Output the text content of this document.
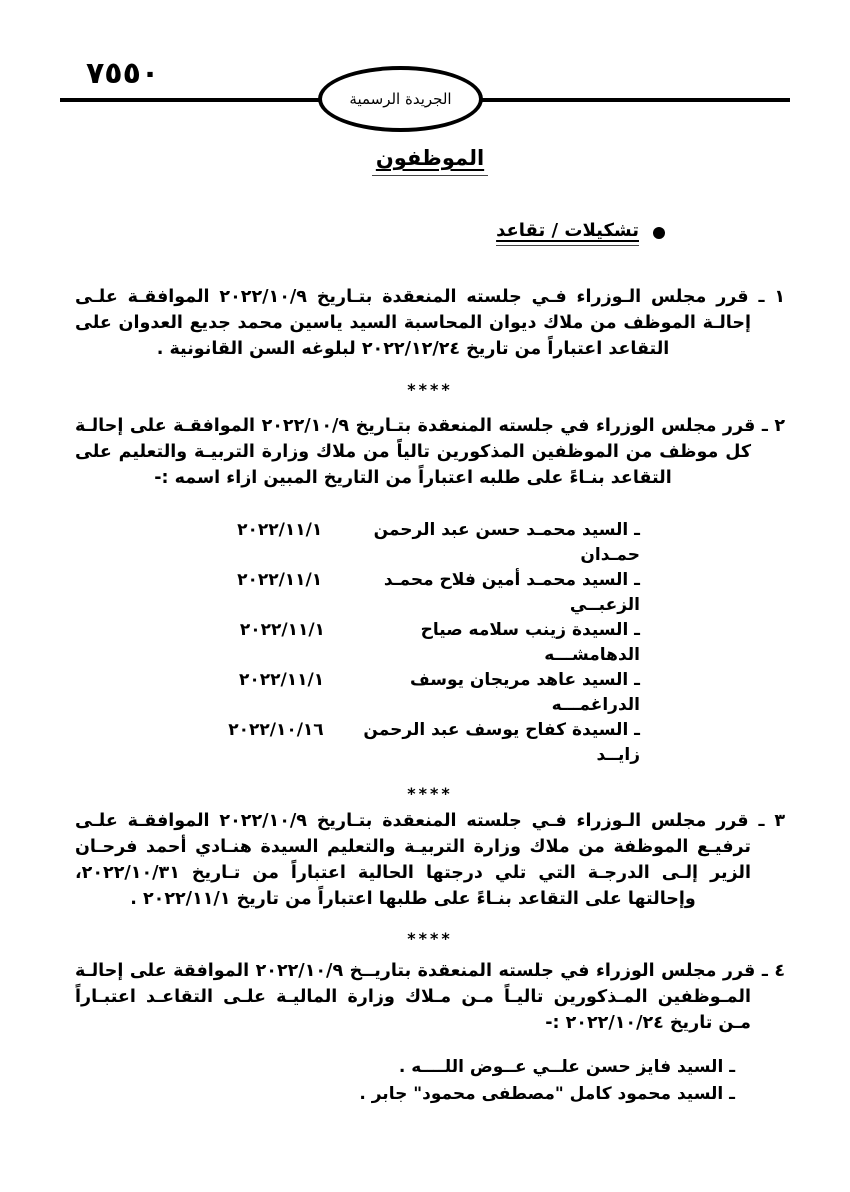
٧٥٥٠
الجريدة الرسمية
الموظفون
تشكيلات / تقاعد

١ ـ قرر مجلس الـوزراء فـي جلسته المنعقدة بتـاريخ ٢٠٢٢/١٠/٩ الموافقـة علـى إحالـة الموظف من ملاك ديوان المحاسبة السيد ياسين محمد جديع العدوان على التقاعد اعتباراً من تاريخ ٢٠٢٢/١٢/٢٤ لبلوغه السن القانونية .

****

٢ ـ قرر مجلس الوزراء في جلسته المنعقدة بتـاريخ ٢٠٢٢/١٠/٩ الموافقـة على إحالـة كل موظف من الموظفين المذكورين تالياً من ملاك وزارة التربيـة والتعليم على التقاعد بنـاءً على طلبه اعتباراً من التاريخ المبين ازاء اسمه :-

ـ السيد محمـد حسن عبد الرحمن حمـدان
٢٠٢٢/١١/١
ـ السيد محمـد أمين فلاح محمـد الزعبــي
٢٠٢٢/١١/١
ـ السيدة زينب سلامه صياح الدهامشـــه
٢٠٢٢/١١/١
ـ السيد عاهد مريجان يوسف الدراغمـــه
٢٠٢٢/١١/١
ـ السيدة كفاح يوسف عبد الرحمن زايــد
٢٠٢٢/١٠/١٦
****

٣ ـ قرر مجلس الـوزراء فـي جلسته المنعقدة بتـاريخ ٢٠٢٢/١٠/٩ الموافقـة علـى ترفيـع الموظفة من ملاك وزارة التربيـة والتعليم السيدة هنـادي أحمد فرحـان الزير إلـى الدرجـة التي تلي درجتها الحالية اعتباراً من تـاريخ ٢٠٢٢/١٠/٣١، وإحالتها على التقاعد بنـاءً على طلبها اعتباراً من تاريخ ٢٠٢٢/١١/١ .

****

٤ ـ قرر مجلس الوزراء في جلسته المنعقدة بتاريــخ ٢٠٢٢/١٠/٩ الموافقة على إحالـة المـوظفين المـذكورين تاليـاً مـن مـلاك وزارة الماليـة علـى التقاعـد اعتبـاراً مـن تاريخ ٢٠٢٢/١٠/٢٤ :-

ـ السيد فايز حسن علــي عــوض اللــــه .
ـ السيد محمود كامل "مصطفى محمود" جابر .
